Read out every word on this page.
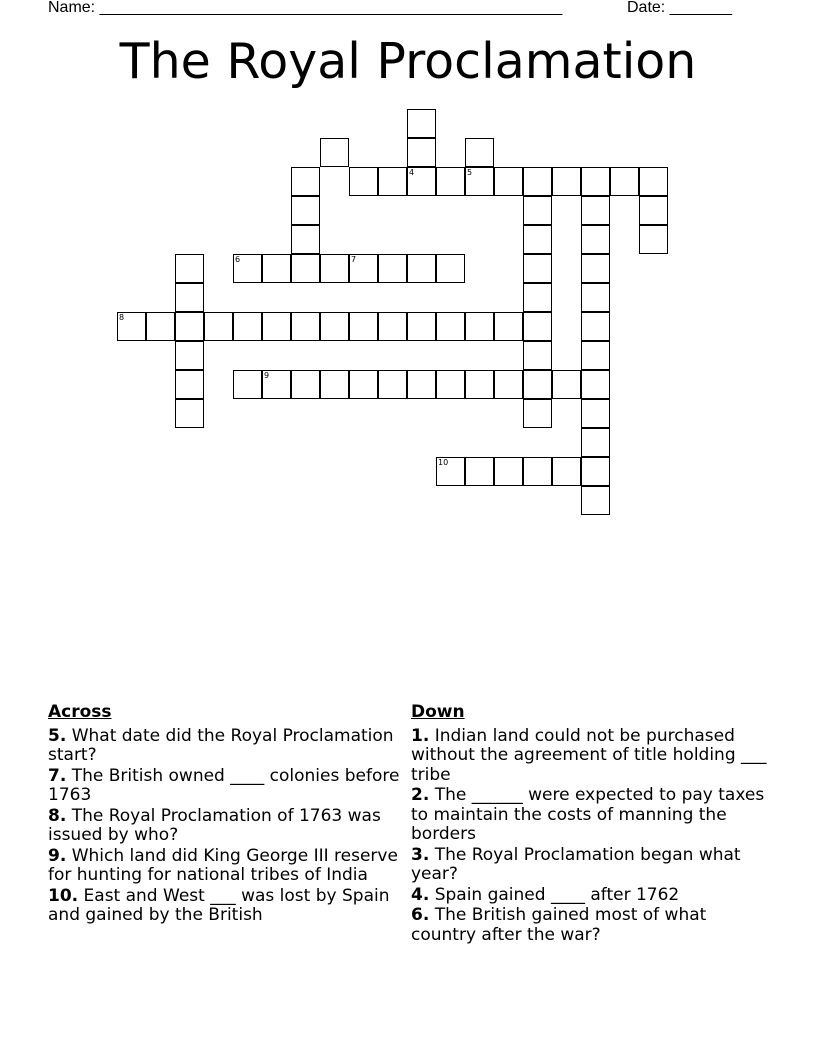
Name: ____________________________________________________	Date: _______
The Royal Proclamation
4	5
6	7
8
9
10
Across
5. What date did the Royal Proclamation start?
7. The British owned ____ colonies before 1763
8. The Royal Proclamation of 1763 was issued by who?
9. Which land did King George III reserve for hunting for national tribes of India
10. East and West ___ was lost by Spain and gained by the British
Down
1. Indian land could not be purchased without the agreement of title holding ___ tribe
2. The ______ were expected to pay taxes to maintain the costs of manning the borders
3. The Royal Proclamation began what year?
4. Spain gained ____ after 1762
6. The British gained most of what country after the war?
